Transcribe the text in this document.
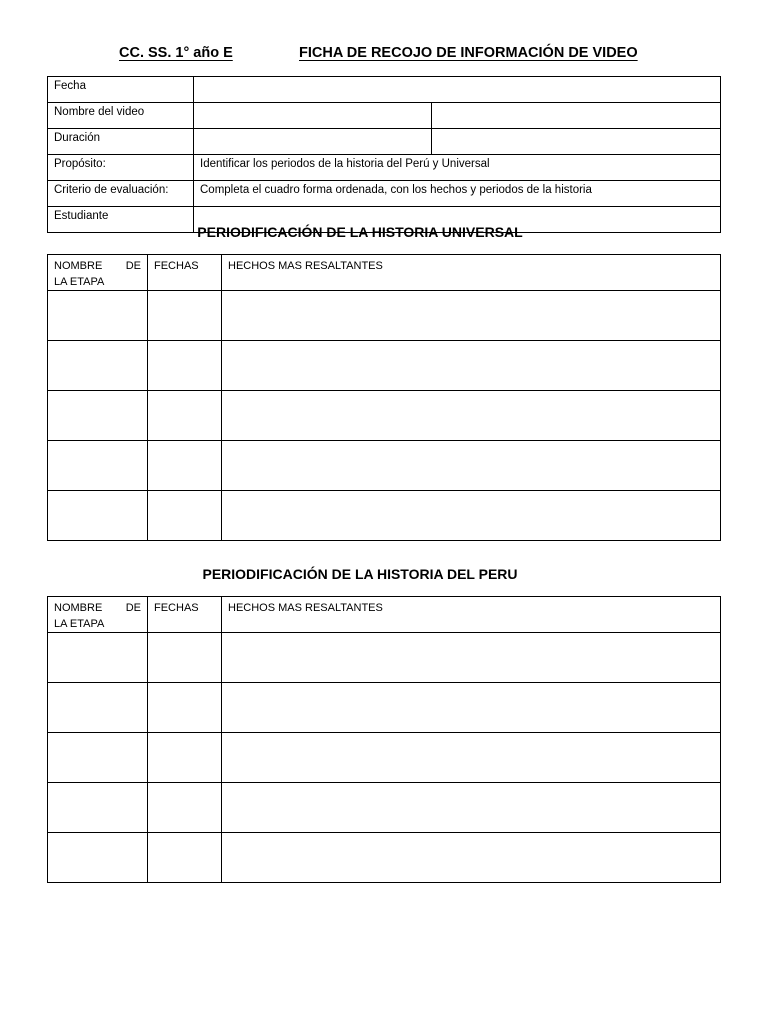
CC. SS. 1° año E	FICHA DE RECOJO DE INFORMACIÓN DE VIDEO
Fecha		
Nombre del video		
Duración		
Propósito:	Identificar los periodos de la historia del Perú y Universal	
Criterio de evaluación:	Completa el cuadro forma ordenada, con los hechos y periodos de la historia	
Estudiante		
PERIODIFICACIÓN DE LA HISTORIA UNIVERSAL
NOMBRE DE
LA ETAPA	FECHAS	HECHOS MAS RESALTANTES

PERIODIFICACIÓN DE LA HISTORIA DEL PERU
NOMBRE DE
LA ETAPA	FECHAS	HECHOS MAS RESALTANTES
